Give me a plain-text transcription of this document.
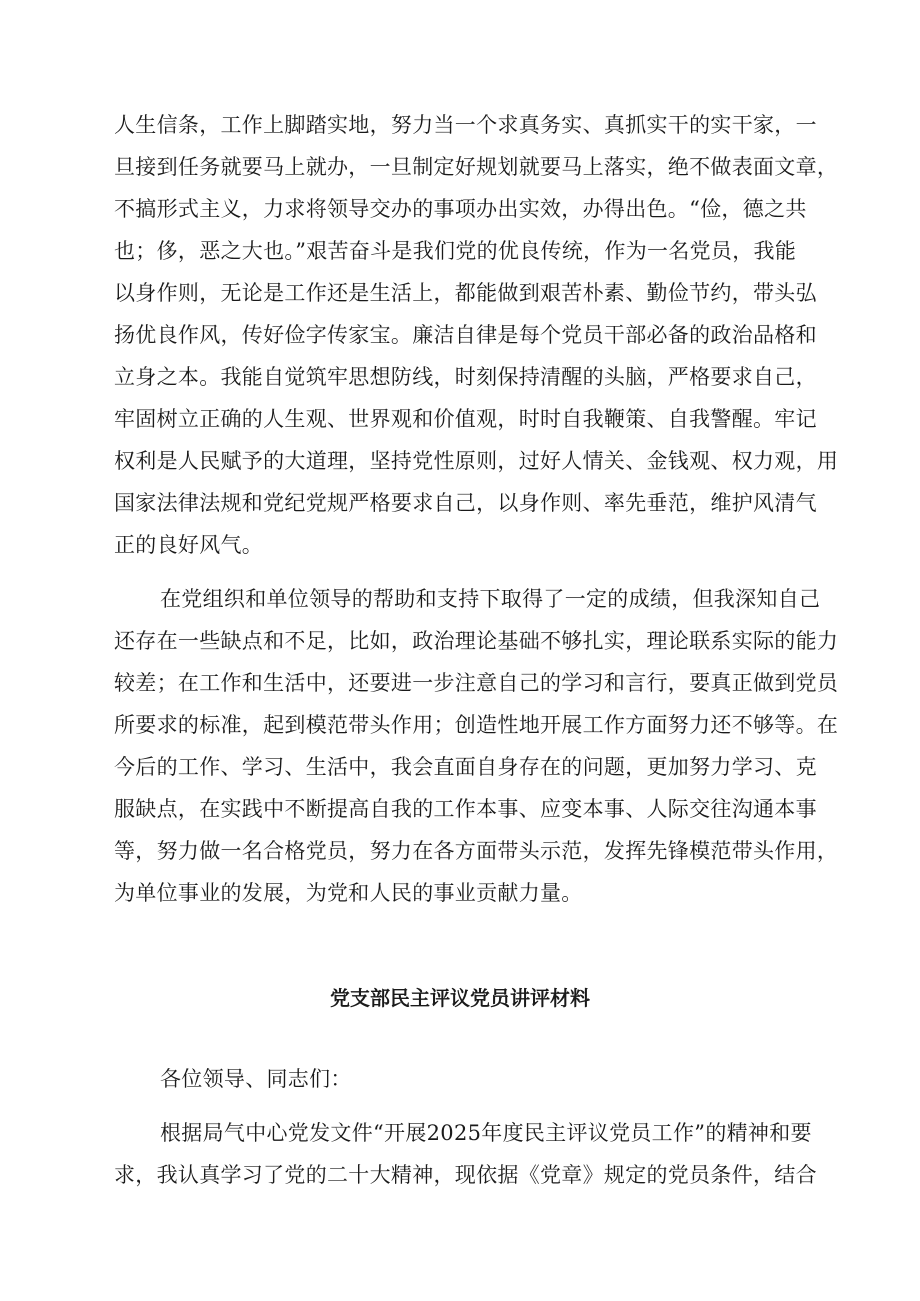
人生信条，工作上脚踏实地，努力当一个求真务实、真抓实干的实干家，一
旦接到任务就要马上就办，一旦制定好规划就要马上落实，绝不做表面文章，
不搞形式主义，力求将领导交办的事项办出实效，办得出色。“俭，德之共
也；侈，恶之大也。”艰苦奋斗是我们党的优良传统，作为一名党员，我能
以身作则，无论是工作还是生活上，都能做到艰苦朴素、勤俭节约，带头弘
扬优良作风，传好俭字传家宝。廉洁自律是每个党员干部必备的政治品格和
立身之本。我能自觉筑牢思想防线，时刻保持清醒的头脑，严格要求自己，
牢固树立正确的人生观、世界观和价值观，时时自我鞭策、自我警醒。牢记
权利是人民赋予的大道理，坚持党性原则，过好人情关、金钱观、权力观，用
国家法律法规和党纪党规严格要求自己，以身作则、率先垂范，维护风清气
正的良好风气。
在党组织和单位领导的帮助和支持下取得了一定的成绩，但我深知自己
还存在一些缺点和不足，比如，政治理论基础不够扎实，理论联系实际的能力
较差；在工作和生活中，还要进一步注意自己的学习和言行，要真正做到党员
所要求的标准，起到模范带头作用；创造性地开展工作方面努力还不够等。在
今后的工作、学习、生活中，我会直面自身存在的问题，更加努力学习、克
服缺点，在实践中不断提高自我的工作本事、应变本事、人际交往沟通本事
等，努力做一名合格党员，努力在各方面带头示范，发挥先锋模范带头作用，
为单位事业的发展，为党和人民的事业贡献力量。
党支部民主评议党员讲评材料
各位领导、同志们：
根据局气中心党发文件“开展2025年度民主评议党员工作”的精神和要
求，我认真学习了党的二十大精神，现依据《党章》规定的党员条件，结合
